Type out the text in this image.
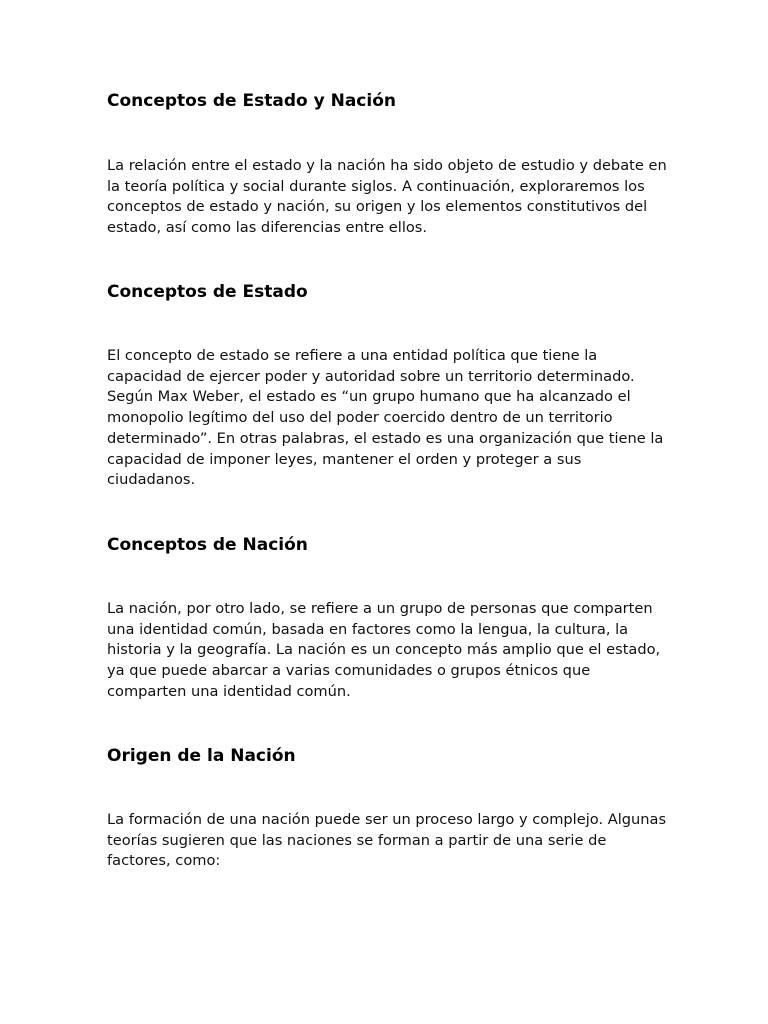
Conceptos de Estado y Nación

La relación entre el estado y la nación ha sido objeto de estudio y debate en la teoría política y social durante siglos. A continuación, exploraremos los conceptos de estado y nación, su origen y los elementos constitutivos del estado, así como las diferencias entre ellos.

Conceptos de Estado

El concepto de estado se refiere a una entidad política que tiene la capacidad de ejercer poder y autoridad sobre un territorio determinado. Según Max Weber, el estado es “un grupo humano que ha alcanzado el monopolio legítimo del uso del poder coercido dentro de un territorio determinado”. En otras palabras, el estado es una organización que tiene la capacidad de imponer leyes, mantener el orden y proteger a sus ciudadanos.

Conceptos de Nación

La nación, por otro lado, se refiere a un grupo de personas que comparten una identidad común, basada en factores como la lengua, la cultura, la historia y la geografía. La nación es un concepto más amplio que el estado, ya que puede abarcar a varias comunidades o grupos étnicos que comparten una identidad común.

Origen de la Nación

La formación de una nación puede ser un proceso largo y complejo. Algunas teorías sugieren que las naciones se forman a partir de una serie de factores, como:
